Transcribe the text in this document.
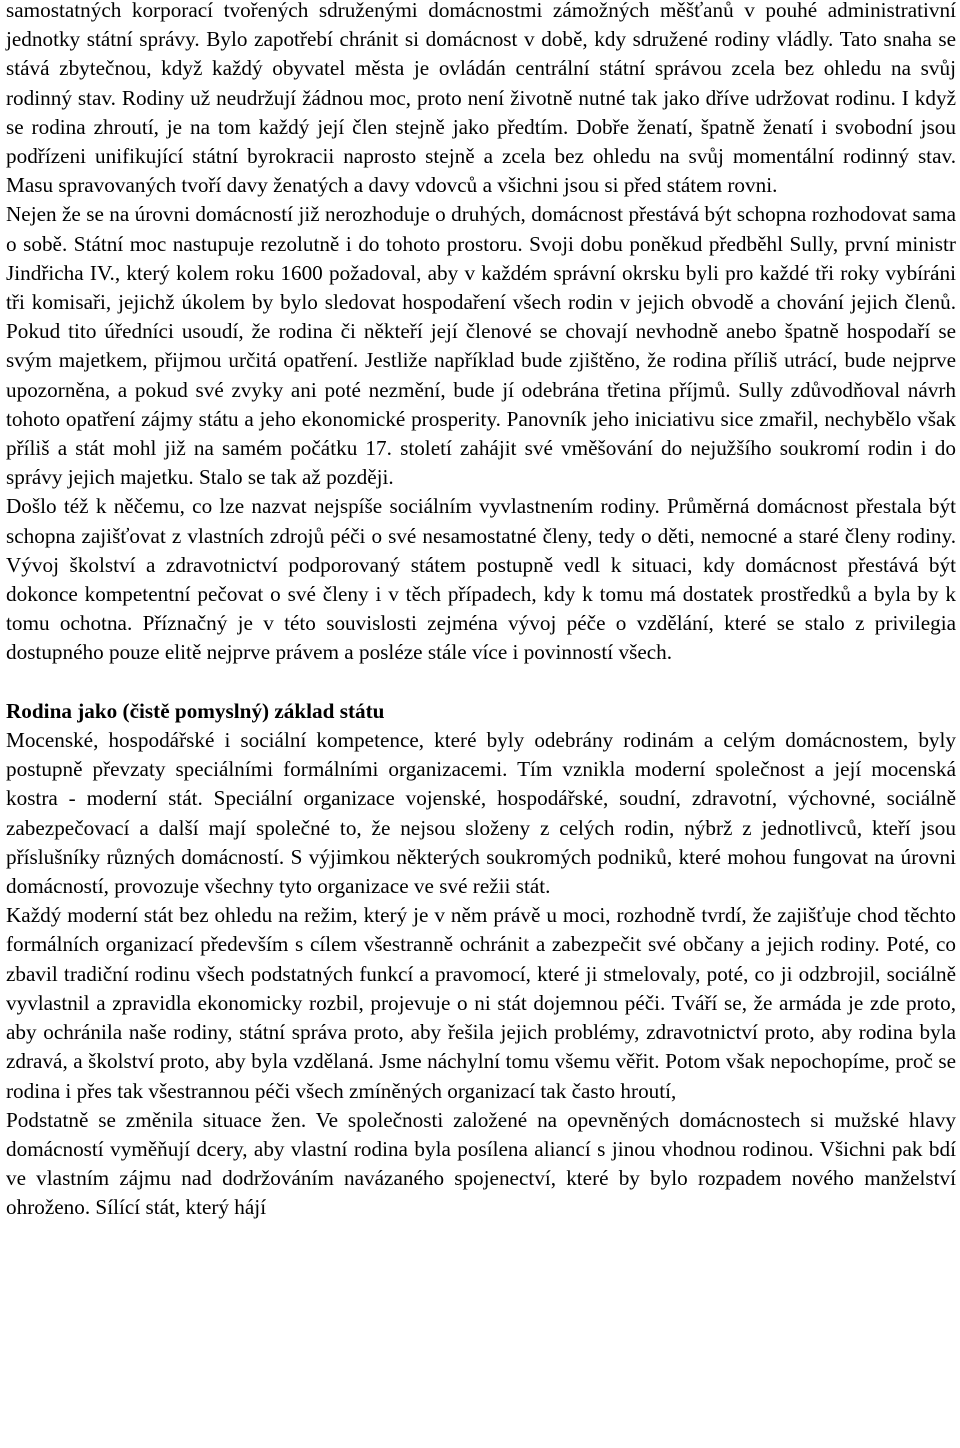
samostatných korporací tvořených sdruženými domácnostmi zámožných měšťanů v pouhé administrativní jednotky státní správy. Bylo zapotřebí chránit si domácnost v době, kdy sdružené rodiny vládly. Tato snaha se stává zbytečnou, když každý obyvatel města je ovládán centrální státní správou zcela bez ohledu na svůj rodinný stav. Rodiny už neudržují žádnou moc, proto není životně nutné tak jako dříve udržovat rodinu. I když se rodina zhroutí, je na tom každý její člen stejně jako předtím. Dobře ženatí, špatně ženatí i svobodní jsou podřízeni unifikující státní byrokracii naprosto stejně a zcela bez ohledu na svůj momentální rodinný stav. Masu spravovaných tvoří davy ženatých a davy vdovců a všichni jsou si před státem rovni.

Nejen že se na úrovni domácností již nerozhoduje o druhých, domácnost přestává být schopna rozhodovat sama o sobě. Státní moc nastupuje rezolutně i do tohoto prostoru. Svoji dobu poněkud předběhl Sully, první ministr Jindřicha IV., který kolem roku 1600 požadoval, aby v každém správní okrsku byli pro každé tři roky vybíráni tři komisaři, jejichž úkolem by bylo sledovat hospodaření všech rodin v jejich obvodě a chování jejich členů. Pokud tito úředníci usoudí, že rodina či někteří její členové se chovají nevhodně anebo špatně hospodaří se svým majetkem, přijmou určitá opatření. Jestliže například bude zjištěno, že rodina příliš utrácí, bude nejprve upozorněna, a pokud své zvyky ani poté nezmění, bude jí odebrána třetina příjmů. Sully zdůvodňoval návrh tohoto opatření zájmy státu a jeho ekonomické prosperity. Panovník jeho iniciativu sice zmařil, nechybělo však příliš a stát mohl již na samém počátku 17. století zahájit své vměšování do nejužšího soukromí rodin i do správy jejich majetku. Stalo se tak až později.

Došlo též k něčemu, co lze nazvat nejspíše sociálním vyvlastnením rodiny. Průměrná domácnost přestala být schopna zajišťovat z vlastních zdrojů péči o své nesamostatné členy, tedy o děti, nemocné a staré členy rodiny. Vývoj školství a zdravotnictví podporovaný státem postupně vedl k situaci, kdy domácnost přestává být dokonce kompetentní pečovat o své členy i v těch případech, kdy k tomu má dostatek prostředků a byla by k tomu ochotna. Příznačný je v této souvislosti zejména vývoj péče o vzdělání, které se stalo z privilegia dostupného pouze elitě nejprve právem a posléze stále více i povinností všech.

Rodina jako (čistě pomyslný) základ státu

Mocenské, hospodářské i sociální kompetence, které byly odebrány rodinám a celým domácnostem, byly postupně převzaty speciálními formálními organizacemi. Tím vznikla moderní společnost a její mocenská kostra - moderní stát. Speciální organizace vojenské, hospodářské, soudní, zdravotní, výchovné, sociálně zabezpečovací a další mají společné to, že nejsou složeny z celých rodin, nýbrž z jednotlivců, kteří jsou příslušníky různých domácností. S výjimkou některých soukromých podniků, které mohou fungovat na úrovni domácností, provozuje všechny tyto organizace ve své režii stát.

Každý moderní stát bez ohledu na režim, který je v něm právě u moci, rozhodně tvrdí, že zajišťuje chod těchto formálních organizací především s cílem všestranně ochránit a zabezpečit své občany a jejich rodiny. Poté, co zbavil tradiční rodinu všech podstatných funkcí a pravomocí, které ji stmelovaly, poté, co ji odzbrojil, sociálně vyvlastnil a zpravidla ekonomicky rozbil, projevuje o ni stát dojemnou péči. Tváří se, že armáda je zde proto, aby ochránila naše rodiny, státní správa proto, aby řešila jejich problémy, zdravotnictví proto, aby rodina byla zdravá, a školství proto, aby byla vzdělaná. Jsme náchylní tomu všemu věřit. Potom však nepochopíme, proč se rodina i přes tak všestrannou péči všech zmíněných organizací tak často hroutí,

Podstatně se změnila situace žen. Ve společnosti založené na opevněných domácnostech si mužské hlavy domácností vyměňují dcery, aby vlastní rodina byla posílena aliancí s jinou vhodnou rodinou. Všichni pak bdí ve vlastním zájmu nad dodržováním navázaného spojenectví, které by bylo rozpadem nového manželství ohroženo. Sílící stát, který hájí
